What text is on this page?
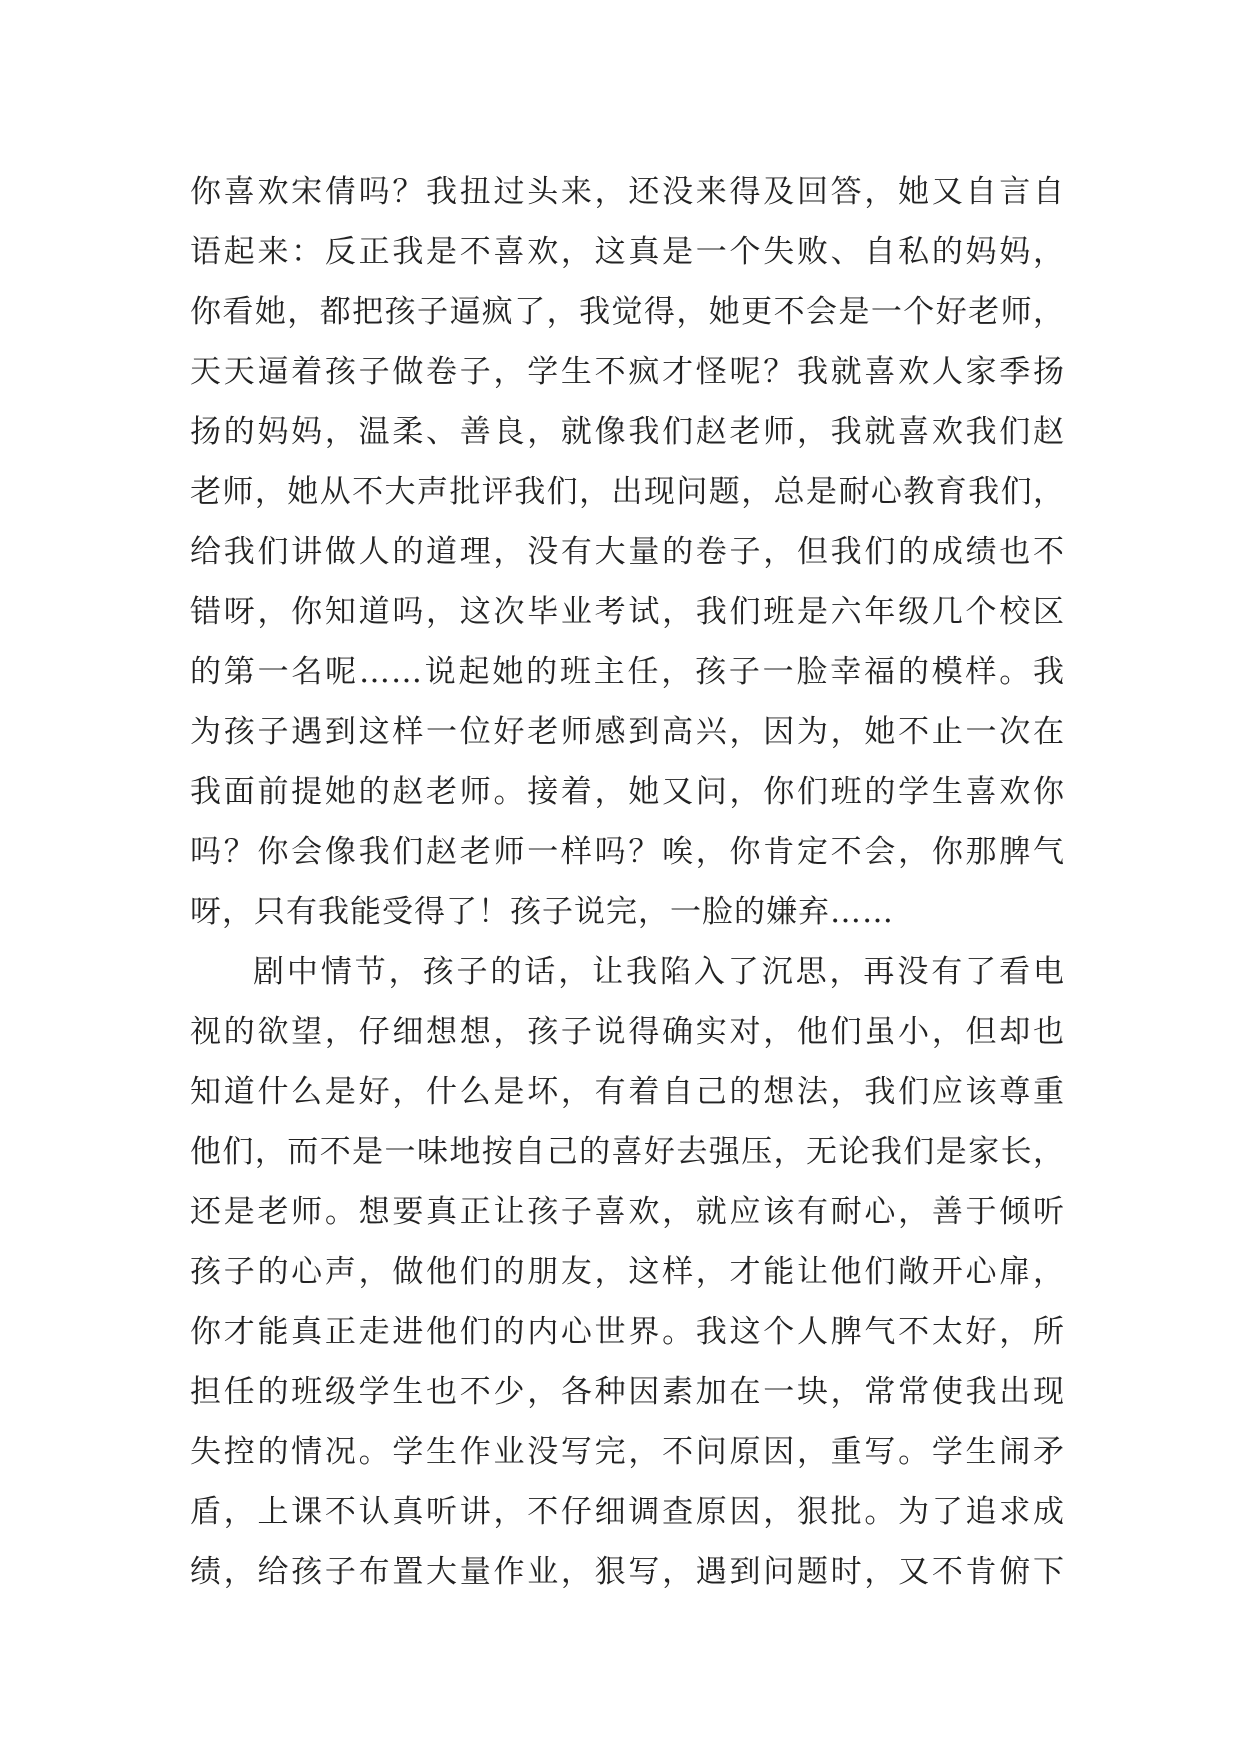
你喜欢宋倩吗？我扭过头来，还没来得及回答，她又自言自
语起来：反正我是不喜欢，这真是一个失败、自私的妈妈，
你看她，都把孩子逼疯了，我觉得，她更不会是一个好老师，
天天逼着孩子做卷子，学生不疯才怪呢？我就喜欢人家季扬
扬的妈妈，温柔、善良，就像我们赵老师，我就喜欢我们赵
老师，她从不大声批评我们，出现问题，总是耐心教育我们，
给我们讲做人的道理，没有大量的卷子，但我们的成绩也不
错呀，你知道吗，这次毕业考试，我们班是六年级几个校区
的第一名呢……说起她的班主任，孩子一脸幸福的模样。我
为孩子遇到这样一位好老师感到高兴，因为，她不止一次在
我面前提她的赵老师。接着，她又问，你们班的学生喜欢你
吗？你会像我们赵老师一样吗？唉，你肯定不会，你那脾气
呀，只有我能受得了！孩子说完，一脸的嫌弃……
剧中情节，孩子的话，让我陷入了沉思，再没有了看电
视的欲望，仔细想想，孩子说得确实对，他们虽小，但却也
知道什么是好，什么是坏，有着自己的想法，我们应该尊重
他们，而不是一味地按自己的喜好去强压，无论我们是家长，
还是老师。想要真正让孩子喜欢，就应该有耐心，善于倾听
孩子的心声，做他们的朋友，这样，才能让他们敞开心扉，
你才能真正走进他们的内心世界。我这个人脾气不太好，所
担任的班级学生也不少，各种因素加在一块，常常使我出现
失控的情况。学生作业没写完，不问原因，重写。学生闹矛
盾，上课不认真听讲，不仔细调查原因，狠批。为了追求成
绩，给孩子布置大量作业，狠写，遇到问题时，又不肯俯下
